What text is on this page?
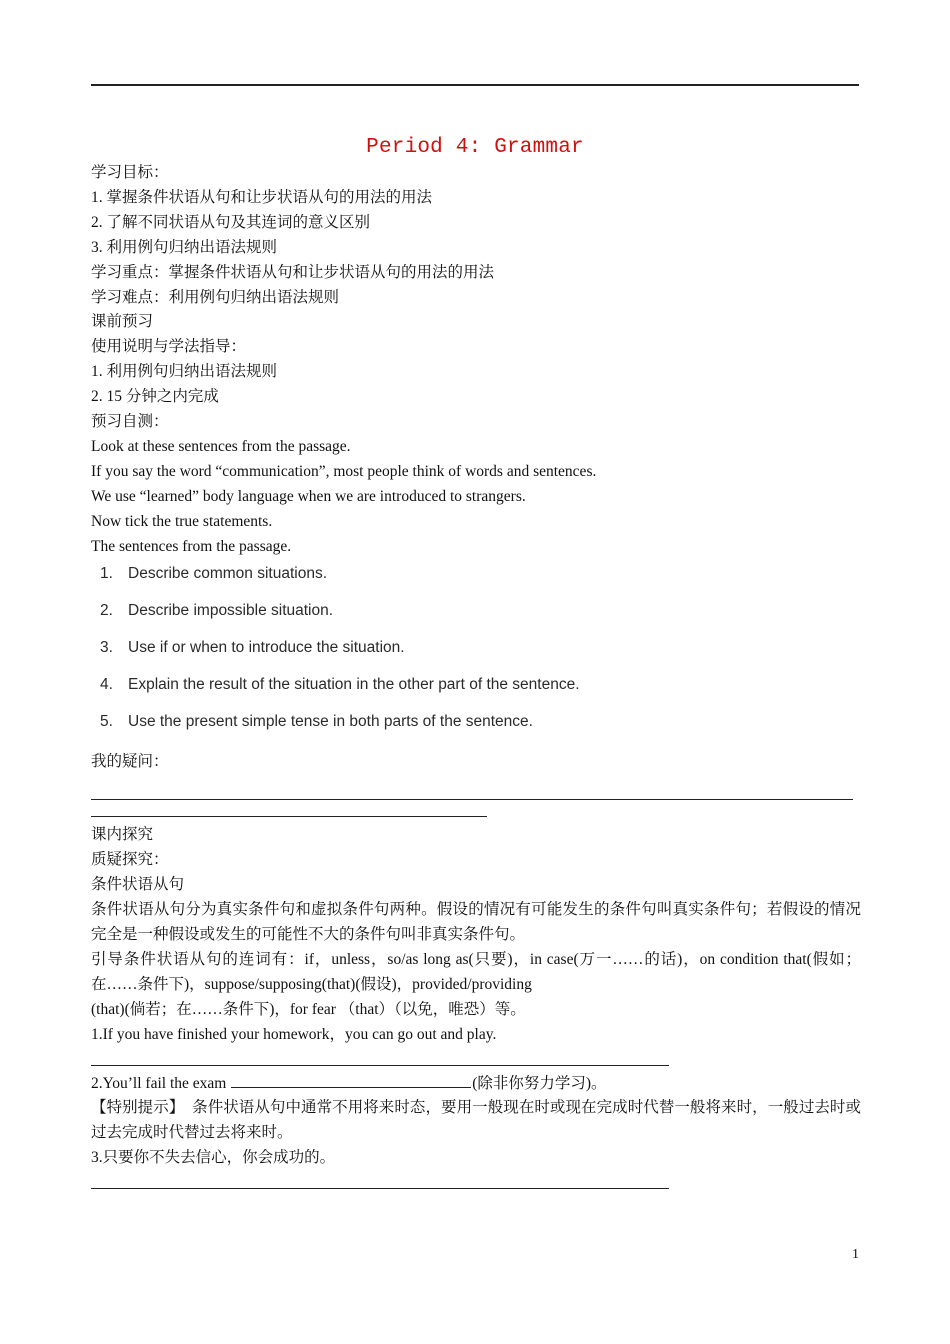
Period 4: Grammar
学习目标：
1. 掌握条件状语从句和让步状语从句的用法的用法
2. 了解不同状语从句及其连词的意义区别
3. 利用例句归纳出语法规则
学习重点：掌握条件状语从句和让步状语从句的用法的用法
学习难点：利用例句归纳出语法规则
课前预习
使用说明与学法指导：
1. 利用例句归纳出语法规则
2. 15 分钟之内完成
预习自测：
Look at these sentences from the passage.
If you say the word “communication”, most people think of words and sentences.
We use “learned” body language when we are introduced to strangers.
Now tick the true statements.
The sentences from the passage.
1. Describe common situations.
2. Describe impossible situation.
3. Use if or when to introduce the situation.
4. Explain the result of the situation in the other part of the sentence.
5. Use the present simple tense in both parts of the sentence.
我的疑问：
课内探究
质疑探究：
条件状语从句
条件状语从句分为真实条件句和虚拟条件句两种。假设的情况有可能发生的条件句叫真实条件句；若假设的情况完全是一种假设或发生的可能性不大的条件句叫非真实条件句。
引导条件状语从句的连词有：if，unless，so/as long as(只要)，in case(万一……的话)，on condition that(假如；在……条件下)，suppose/supposing(that)(假设)，provided/providing
(that)(倘若；在……条件下)，for fear （that）（以免，唯恐）等。
1.If you have finished your homework，you can go out and play.
2.You’ll fail the exam	(除非你努力学习)。
【特别提示】　条件状语从句中通常不用将来时态，要用一般现在时或现在完成时代替一般将来时，一般过去时或过去完成时代替过去将来时。
3.只要你不失去信心，你会成功的。
1
